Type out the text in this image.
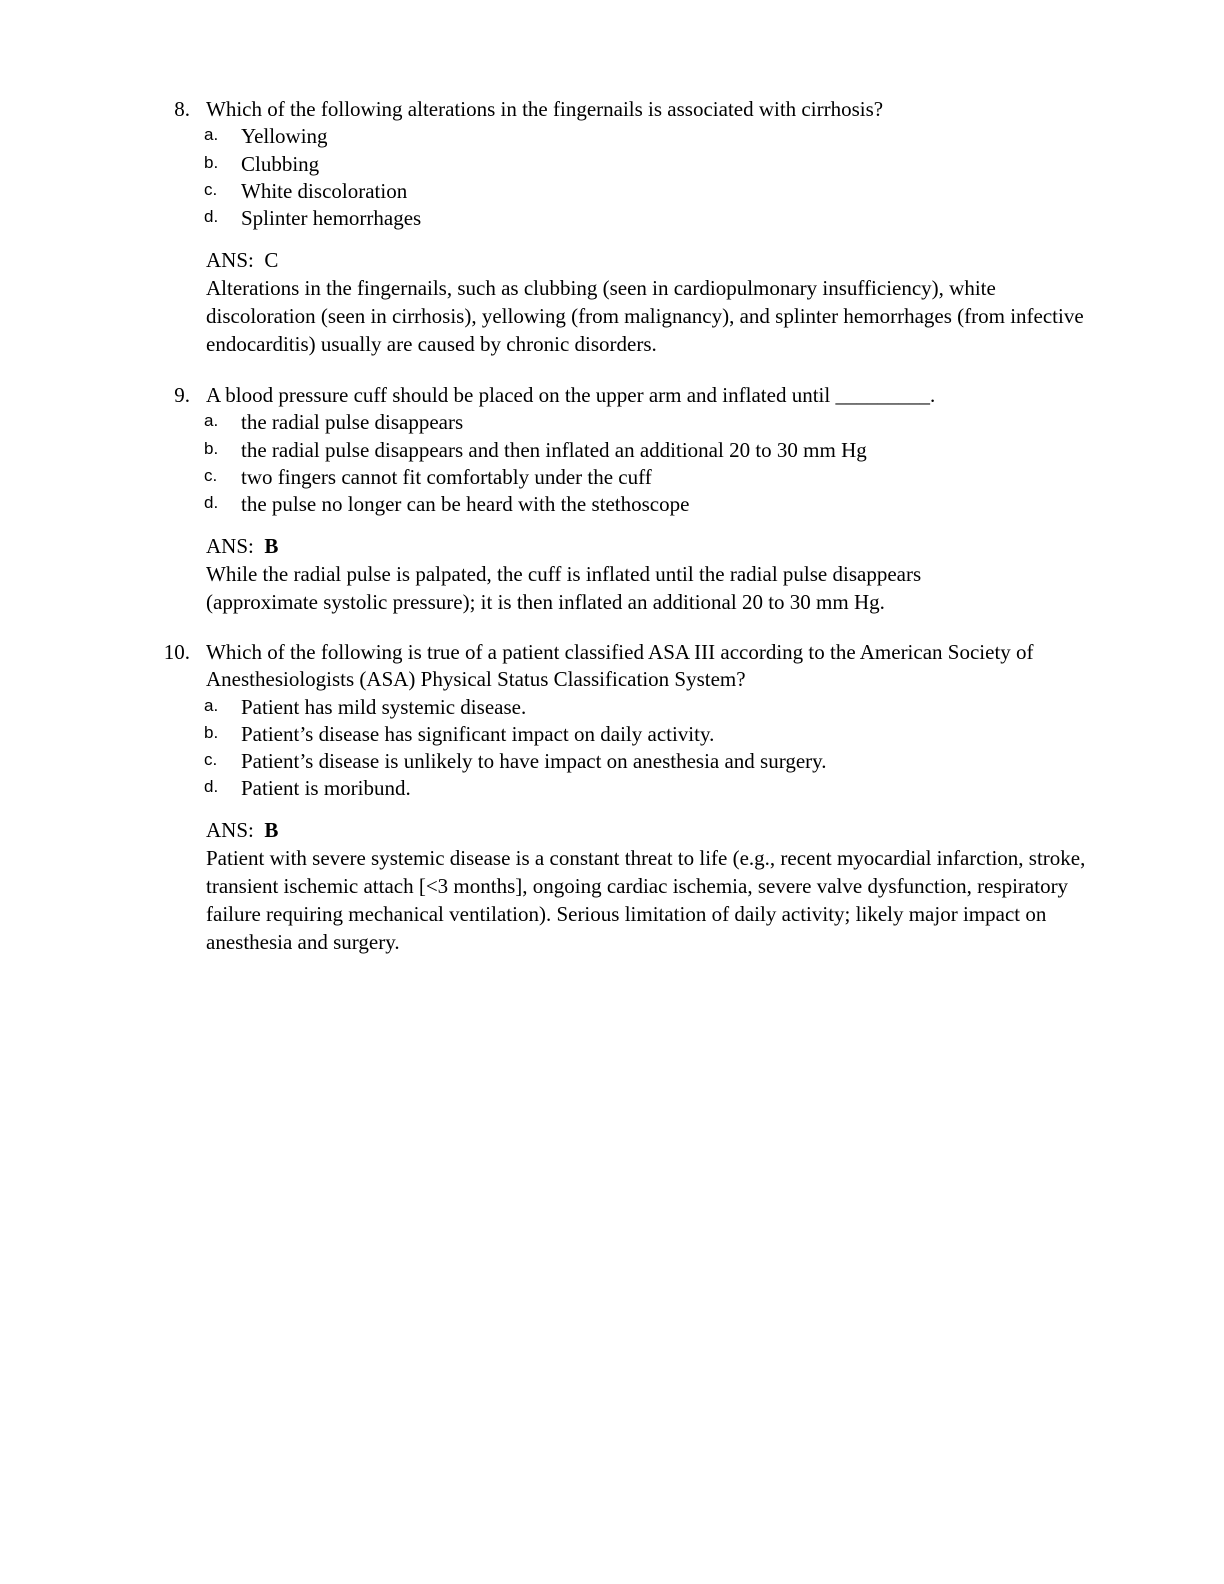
8. Which of the following alterations in the fingernails is associated with cirrhosis?
a. Yellowing
b. Clubbing
c. White discoloration
d. Splinter hemorrhages
ANS: C
Alterations in the fingernails, such as clubbing (seen in cardiopulmonary insufficiency), white discoloration (seen in cirrhosis), yellowing (from malignancy), and splinter hemorrhages (from infective endocarditis) usually are caused by chronic disorders.
9. A blood pressure cuff should be placed on the upper arm and inflated until _________.
a. the radial pulse disappears
b. the radial pulse disappears and then inflated an additional 20 to 30 mm Hg
c. two fingers cannot fit comfortably under the cuff
d. the pulse no longer can be heard with the stethoscope
ANS: B
While the radial pulse is palpated, the cuff is inflated until the radial pulse disappears (approximate systolic pressure); it is then inflated an additional 20 to 30 mm Hg.
10. Which of the following is true of a patient classified ASA III according to the American Society of Anesthesiologists (ASA) Physical Status Classification System?
a. Patient has mild systemic disease.
b. Patient’s disease has significant impact on daily activity.
c. Patient’s disease is unlikely to have impact on anesthesia and surgery.
d. Patient is moribund.
ANS: B
Patient with severe systemic disease is a constant threat to life (e.g., recent myocardial infarction, stroke, transient ischemic attach [<3 months], ongoing cardiac ischemia, severe valve dysfunction, respiratory failure requiring mechanical ventilation). Serious limitation of daily activity; likely major impact on anesthesia and surgery.
